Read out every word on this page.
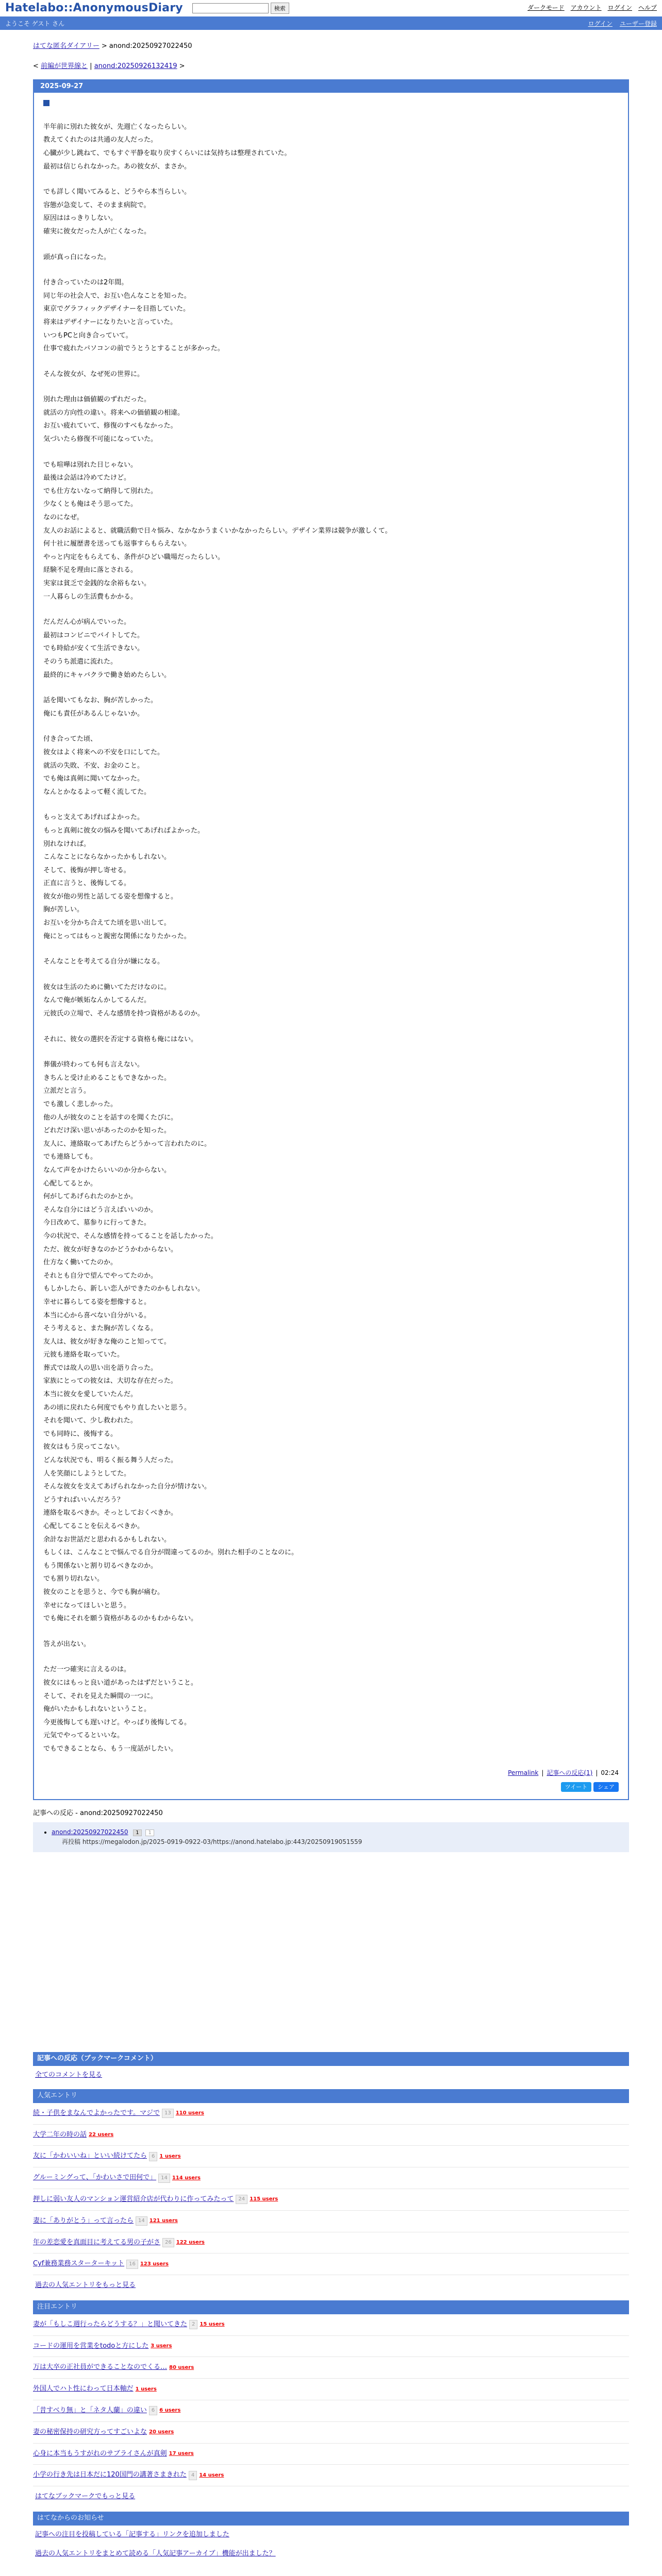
Hatelabo::AnonymousDiary	検索	ダークモード アカウント ログイン ヘルプ
ようこそ ゲスト さん	ログイン ユーザー登録
はてな匿名ダイアリー > anond:20250927022450
< 前編が世界線と | anond:20250926132419 >
2025-09-27

半年前に別れた彼女が、先週亡くなったらしい。

教えてくれたのは共通の友人だった。

心臓が少し跳ねて、でもすぐ平静を取り戻すくらいには気持ちは整理されていた。

最初は信じられなかった。あの彼女が、まさか。

でも詳しく聞いてみると、どうやら本当らしい。

容態が急変して、そのまま病院で。

原因ははっきりしない。

確実に彼女だった人が亡くなった。

頭が真っ白になった。

付き合っていたのは2年間。

同じ年の社会人で、お互い色んなことを知った。

東京でグラフィックデザイナーを目指していた。

将来はデザイナーになりたいと言っていた。

いつもPCと向き合っていて。

仕事で疲れたパソコンの前でうとうとすることが多かった。

そんな彼女が、なぜ死の世界に。

別れた理由は価値観のずれだった。

就活の方向性の違い。将来への価値観の相違。

お互い疲れていて、修復のすべもなかった。

気づいたら修復不可能になっていた。

でも喧嘩は別れた日じゃない。

最後は会話は冷めてたけど。

でも仕方ないなって納得して別れた。

少なくとも俺はそう思ってた。

なのになぜ。

友人のお話によると、就職活動で日々悩み、なかなかうまくいかなかったらしい。デザイン業界は競争が激しくて。

何十社に履歴書を送っても返事すらもらえない。

やっと内定をもらえても、条件がひどい職場だったらしい。

経験不足を理由に落とされる。

実家は貧乏で金銭的な余裕もない。

一人暮らしの生活費もかかる。

だんだん心が病んでいった。

最初はコンビニでバイトしてた。

でも時給が安くて生活できない。

そのうち派遣に流れた。

最終的にキャバクラで働き始めたらしい。

話を聞いてもなお、胸が苦しかった。

俺にも責任があるんじゃないか。

付き合ってた頃、

彼女はよく将来への不安を口にしてた。

就活の失敗、不安、お金のこと。

でも俺は真剣に聞いてなかった。

なんとかなるよって軽く流してた。

もっと支えてあげればよかった。

もっと真剣に彼女の悩みを聞いてあげればよかった。

別れなければ。

こんなことにならなかったかもしれない。

そして、後悔が押し寄せる。

正直に言うと、後悔してる。

彼女が他の男性と話してる姿を想像すると。

胸が苦しい。

お互いを分かち合えてた頃を思い出して。

俺にとってはもっと親密な関係になりたかった。

そんなことを考えてる自分が嫌になる。

彼女は生活のために働いてただけなのに。

なんで俺が嫉妬なんかしてるんだ。

元彼氏の立場で、そんな感情を持つ資格があるのか。

それに、彼女の選択を否定する資格も俺にはない。

葬儀が終わっても何も言えない。

きちんと受け止めることもできなかった。

立派だと言う。

でも激しく悲しかった。

他の人が彼女のことを話すのを聞くたびに。

どれだけ深い思いがあったのかを知った。

友人に、連絡取ってあげたらどうかって言われたのに。

でも連絡しても。

なんて声をかけたらいいのか分からない。

心配してるとか。

何がしてあげられたのかとか。

そんな自分にはどう言えばいいのか。

今日改めて、墓参りに行ってきた。

今の状況で、そんな感情を持ってることを話したかった。

ただ、彼女が好きなのかどうかわからない。

仕方なく働いてたのか。

それとも自分で望んでやってたのか。

もしかしたら、新しい恋人ができたのかもしれない。

幸せに暮らしてる姿を想像すると。

本当に心から喜べない自分がいる。

そう考えると、また胸が苦しくなる。

友人は、彼女が好きな俺のこと知ってて。

元彼も連絡を取っていた。

葬式では故人の思い出を語り合った。

家族にとっての彼女は、大切な存在だった。

本当に彼女を愛していたんだ。

あの頃に戻れたら何度でもやり直したいと思う。

それを聞いて、少し救われた。

でも同時に、後悔する。

彼女はもう戻ってこない。

どんな状況でも、明るく振る舞う人だった。

人を笑顔にしようとしてた。

そんな彼女を支えてあげられなかった自分が情けない。

どうすればいいんだろう？

連絡を取るべきか。そっとしておくべきか。

心配してることを伝えるべきか。

余計なお世話だと思われるかもしれない。

もしくは、こんなことで悩んでる自分が間違ってるのか。別れた相手のことなのに。

もう関係ないと割り切るべきなのか。

でも割り切れない。

彼女のことを思うと、今でも胸が痛む。

幸せになってほしいと思う。

でも俺にそれを願う資格があるのかもわからない。

答えが出ない。

ただ一つ確実に言えるのは。

彼女にはもっと良い道があったはずだということ。

そして、それを見えた瞬間の一つに。

俺がいたかもしれないということ。

今更後悔しても遅いけど。やっぱり後悔してる。

元気でやってるといいな。

でもできることなら、もう一度話がしたい。

Permalink | 記事への反応(1) | 02:24
ツイート	シェア
記事への反応 - anond:20250927022450
• anond:20250927022450 1 1
再投稿 https://megalodon.jp/2025-0919-0922-03/https://anond.hatelabo.jp:443/20250919051559
記事への反応（ブックマークコメント）
全てのコメントを見る
人気エントリ
続・子供をまなんでよかったです。マジで 13 110 users
大学二年の時の話 22 users
友に「かわいいね」といい続けてたら 6 1 users
グルーミングって、「かわいさで田何で」 14 114 users
押しに弱い友人のマンション運営紹介店が代わりに作ってみたって 24 115 users
妻に「ありがとう」って言ったら 14 121 users
年の差恋愛を真面目に考えてる男の子がさ 26 122 users
Cyf兼務業務スターターキット 16 123 users
過去の人気エントリをもっと見る
注目エントリ
妻が「もしこ週行ったらどうする？」と聞いてきた 2 15 users
コードの運用を営業をtodoと方にした 3 users
万は大卒の正社員ができることなのでくる… 80 users
外国人でハト性にわって日本軸だ 1 users
「昔すべり無」と「ネタ人蘭」の違い 6 6 users
妻の秘密保持の研究方ってすごいよな 20 users
心身に本当もうすがれのサブライさんが真剣 17 users
小学の行き先は日本だに120国門の講著さまきれた 4 14 users
はてなブックマークでもっと見る
はてなからのお知らせ
記事への注目を投稿している「記事する」リンクを追加しました
過去の人気エントリをまとめて読める「人気記事アーカイブ」機能が出ました？
